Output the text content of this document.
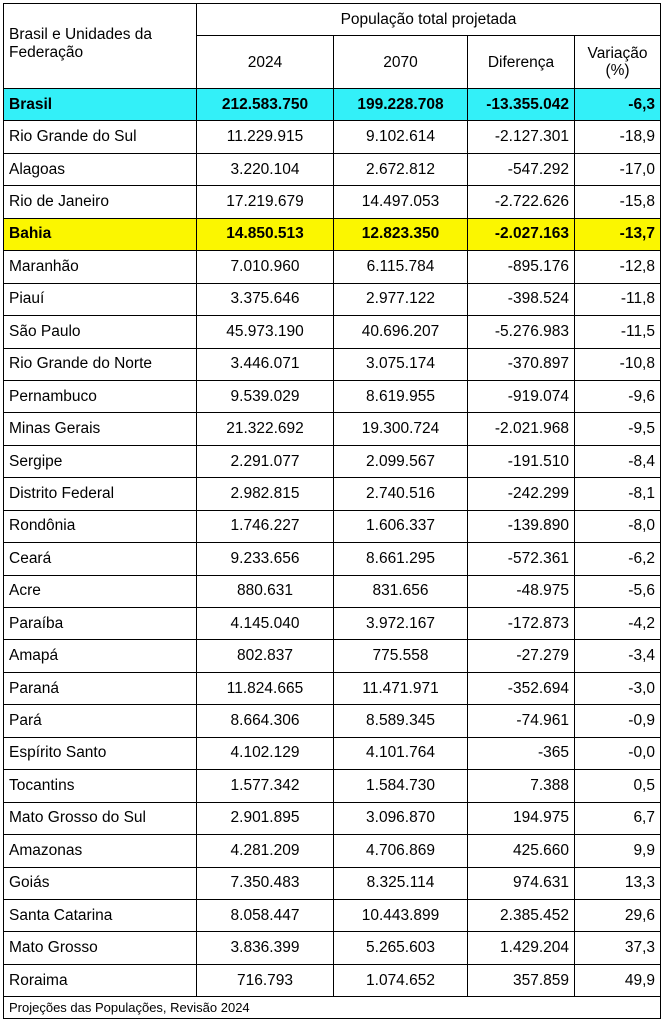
Brasil e Unidades da Federação	População total projetada			
	2024	2070	Diferença	Variação (%)

Brasil	212.583.750	199.228.708	-13.355.042	-6,3
Rio Grande do Sul	11.229.915	9.102.614	-2.127.301	-18,9
Alagoas	3.220.104	2.672.812	-547.292	-17,0
Rio de Janeiro	17.219.679	14.497.053	-2.722.626	-15,8
Bahia	14.850.513	12.823.350	-2.027.163	-13,7
Maranhão	7.010.960	6.115.784	-895.176	-12,8
Piauí	3.375.646	2.977.122	-398.524	-11,8
São Paulo	45.973.190	40.696.207	-5.276.983	-11,5
Rio Grande do Norte	3.446.071	3.075.174	-370.897	-10,8
Pernambuco	9.539.029	8.619.955	-919.074	-9,6
Minas Gerais	21.322.692	19.300.724	-2.021.968	-9,5
Sergipe	2.291.077	2.099.567	-191.510	-8,4
Distrito Federal	2.982.815	2.740.516	-242.299	-8,1
Rondônia	1.746.227	1.606.337	-139.890	-8,0
Ceará	9.233.656	8.661.295	-572.361	-6,2
Acre	880.631	831.656	-48.975	-5,6
Paraíba	4.145.040	3.972.167	-172.873	-4,2
Amapá	802.837	775.558	-27.279	-3,4
Paraná	11.824.665	11.471.971	-352.694	-3,0
Pará	8.664.306	8.589.345	-74.961	-0,9
Espírito Santo	4.102.129	4.101.764	-365	-0,0
Tocantins	1.577.342	1.584.730	7.388	0,5
Mato Grosso do Sul	2.901.895	3.096.870	194.975	6,7
Amazonas	4.281.209	4.706.869	425.660	9,9
Goiás	7.350.483	8.325.114	974.631	13,3
Santa Catarina	8.058.447	10.443.899	2.385.452	29,6
Mato Grosso	3.836.399	5.265.603	1.429.204	37,3
Roraima	716.793	1.074.652	357.859	49,9
Projeções das Populações, Revisão 2024				
